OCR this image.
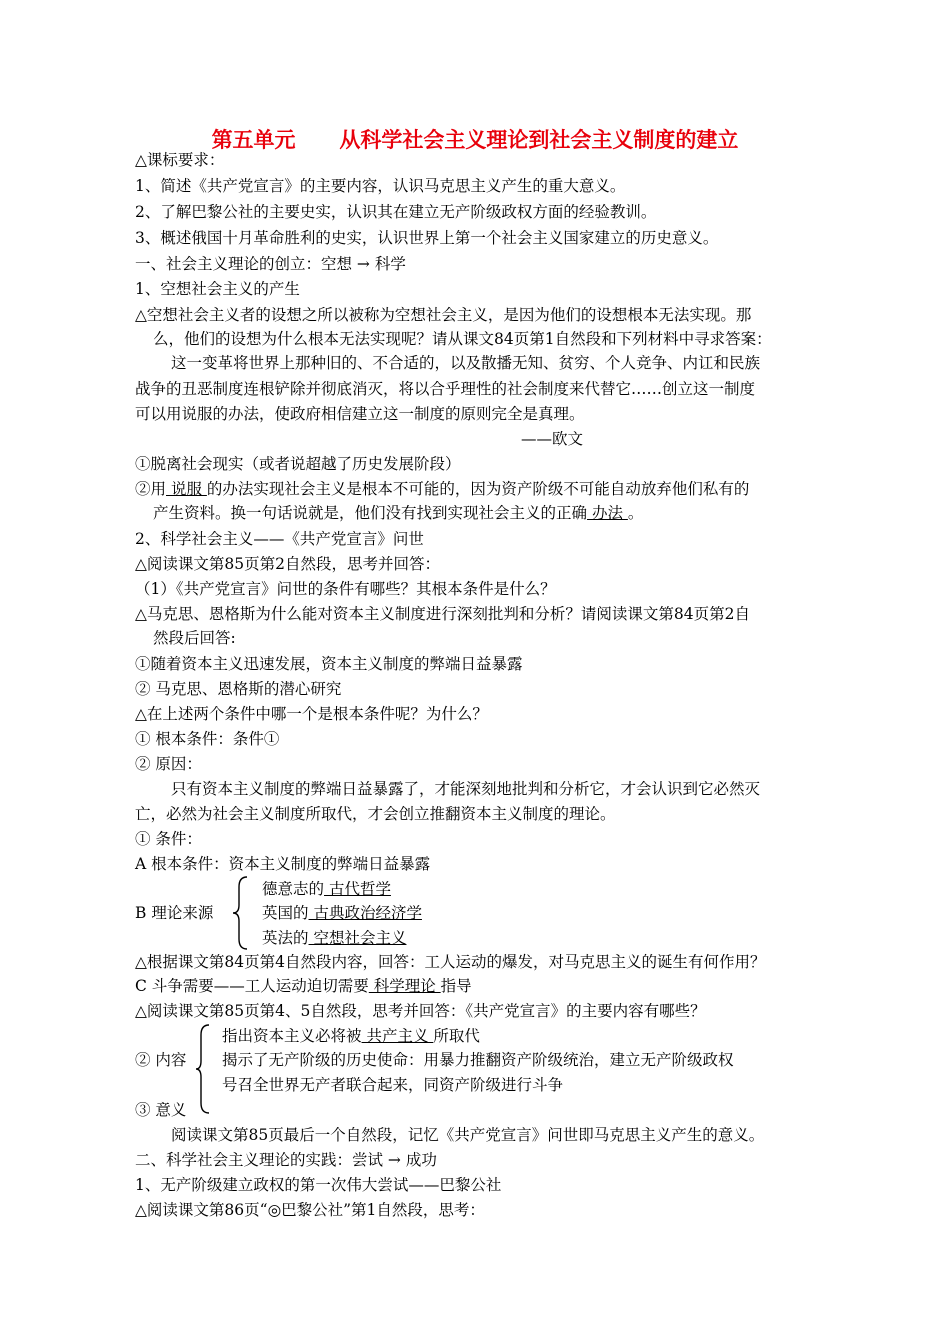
第五单元      从科学社会主义理论到社会主义制度的建立
△课标要求：
1、简述《共产党宣言》的主要内容，认识马克思主义产生的重大意义。
2、了解巴黎公社的主要史实，认识其在建立无产阶级政权方面的经验教训。
3、概述俄国十月革命胜利的史实，认识世界上第一个社会主义国家建立的历史意义。
一、社会主义理论的创立：空想 → 科学
1、空想社会主义的产生
△空想社会主义者的设想之所以被称为空想社会主义，是因为他们的设想根本无法实现。那
么，他们的设想为什么根本无法实现呢？请从课文84页第1自然段和下列材料中寻求答案：
这一变革将世界上那种旧的、不合适的，以及散播无知、贫穷、个人竞争、内讧和民族
战争的丑恶制度连根铲除并彻底消灭，将以合乎理性的社会制度来代替它……创立这一制度
可以用说服的办法，使政府相信建立这一制度的原则完全是真理。
——欧文
①脱离社会现实（或者说超越了历史发展阶段）
②用 说服 的办法实现社会主义是根本不可能的，因为资产阶级不可能自动放弃他们私有的
产生资料。换一句话说就是，他们没有找到实现社会主义的正确 办法 。
2、科学社会主义——《共产党宣言》问世
△阅读课文第85页第2自然段，思考并回答：
（1）《共产党宣言》问世的条件有哪些？其根本条件是什么？
△马克思、恩格斯为什么能对资本主义制度进行深刻批判和分析？请阅读课文第84页第2自
然段后回答:
①随着资本主义迅速发展，资本主义制度的弊端日益暴露
② 马克思、恩格斯的潜心研究
△在上述两个条件中哪一个是根本条件呢？为什么？
① 根本条件：条件①
② 原因：
只有资本主义制度的弊端日益暴露了，才能深刻地批判和分析它，才会认识到它必然灭
亡，必然为社会主义制度所取代，才会创立推翻资本主义制度的理论。
① 条件：
A 根本条件：资本主义制度的弊端日益暴露
德意志的 古代哲学
B 理论来源	英国的 古典政治经济学
英法的 空想社会主义
△根据课文第84页第4自然段内容，回答：工人运动的爆发，对马克思主义的诞生有何作用？
C 斗争需要——工人运动迫切需要 科学理论 指导
△阅读课文第85页第4、5自然段，思考并回答：《共产党宣言》的主要内容有哪些？
指出资本主义必将被 共产主义 所取代
② 内容 揭示了无产阶级的历史使命：用暴力推翻资产阶级统治，建立无产阶级政权
号召全世界无产者联合起来，同资产阶级进行斗争
③ 意义
阅读课文第85页最后一个自然段，记忆《共产党宣言》问世即马克思主义产生的意义。
二、科学社会主义理论的实践：尝试 → 成功
1、无产阶级建立政权的第一次伟大尝试——巴黎公社
△阅读课文第86页“◎巴黎公社”第1自然段，思考：
